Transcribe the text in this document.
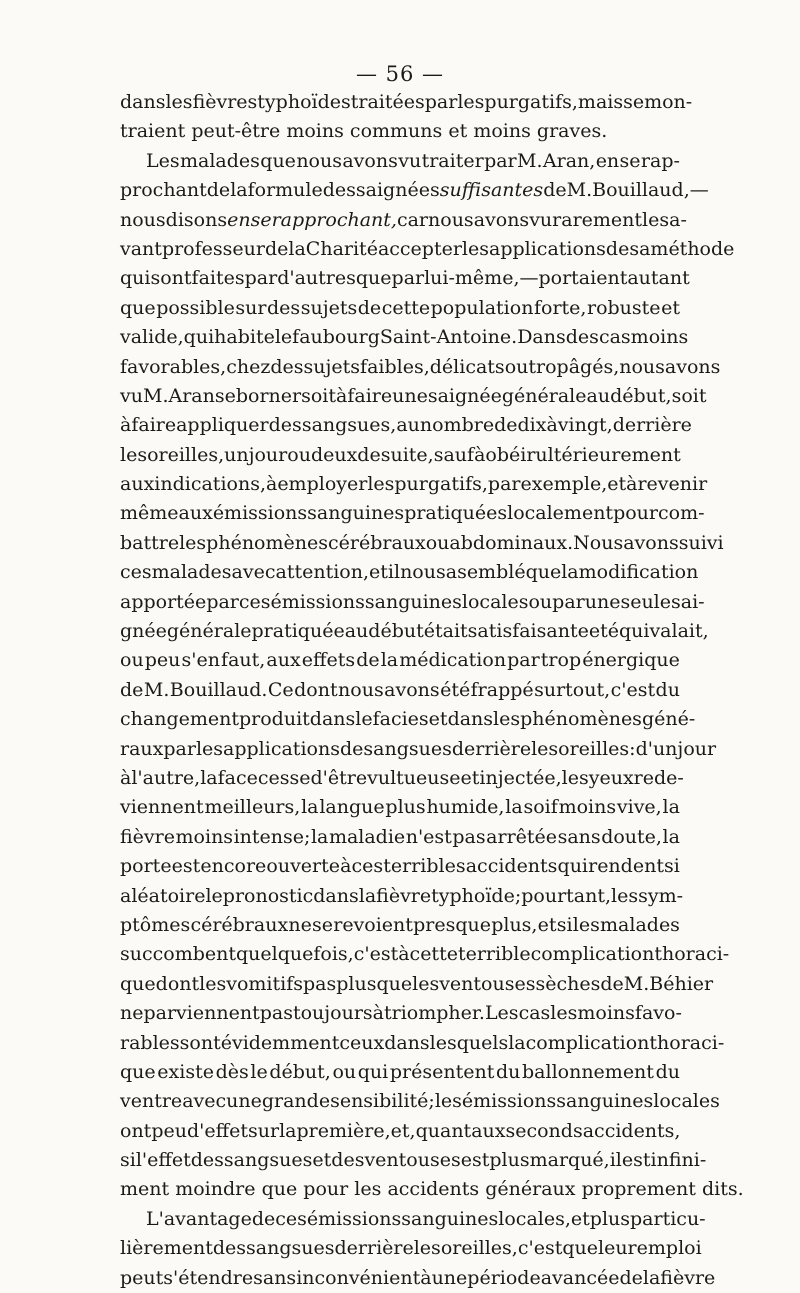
— 56 —
dans les fièvres typhoïdes traitées par les purgatifs, mais se mon-
traient peut-être moins communs et moins graves.
Les malades que nous avons vu traiter par M. Aran, en se rap-
prochant de la formule des saignées suffisantes de M. Bouillaud, —
nous disons en se rapprochant, car nous avons vu rarement le sa-
vant professeur de la Charité accepter les applications de sa méthode
qui sont faites par d'autres que par lui-même, — portaient autant
que possible sur des sujets de cette population forte, robuste et
valide, qui habite le faubourg Saint-Antoine. Dans des cas moins
favorables, chez des sujets faibles, délicats ou trop âgés, nous avons
vu M. Aran se borner soit à faire une saignée générale au début, soit
à faire appliquer des sangsues, au nombre de dix à vingt, derrière
les oreilles, un jour ou deux de suite, sauf à obéir ultérieurement
aux indications, à employer les purgatifs, par exemple, et à revenir
même aux émissions sanguines pratiquées localement pour com-
battre les phénomènes cérébraux ou abdominaux. Nous avons suivi
ces malades avec attention, et il nous a semblé que la modification
apportée par ces émissions sanguines locales ou par une seule sai-
gnée générale pratiquée au début était satisfaisante et équivalait,
ou peu s'en faut, aux effets de la médication par trop énergique
de M. Bouillaud. Ce dont nous avons été frappé surtout, c'est du
changement produit dans le facies et dans les phénomènes géné-
raux par les applications de sangsues derrière les oreilles : d'un jour
à l'autre, la face cesse d'être vultueuse et injectée, les yeux rede-
viennent meilleurs, la langue plus humide, la soif moins vive, la
fièvre moins intense; la maladie n'est pas arrêtée sans doute, la
porte est encore ouverte à ces terribles accidents qui rendent si
aléatoire le pronostic dans la fièvre typhoïde ; pourtant, les sym-
ptômes cérébraux ne se revoient presque plus, et si les malades
succombent quelquefois, c'est à cette terrible complication thoraci-
que dont les vomitifs pas plus que les ventouses sèches de M. Béhier
ne parviennent pas toujours à triompher. Les cas les moins favo-
rables sont évidemment ceux dans lesquels la complication thoraci-
que existe dès le début, ou qui présentent du ballonnement du
ventre avec une grande sensibilité ; les émissions sanguines locales
ont peu d'effet sur la première, et, quant aux seconds accidents,
si l'effet des sangsues et des ventouses est plus marqué, il est infini-
ment moindre que pour les accidents généraux proprement dits.
L'avantage de ces émissions sanguines locales, et plus particu-
lièrement des sangsues derrière les oreilles, c'est que leur emploi
peut s'étendre sans inconvénient à une période avancée de la fièvre
